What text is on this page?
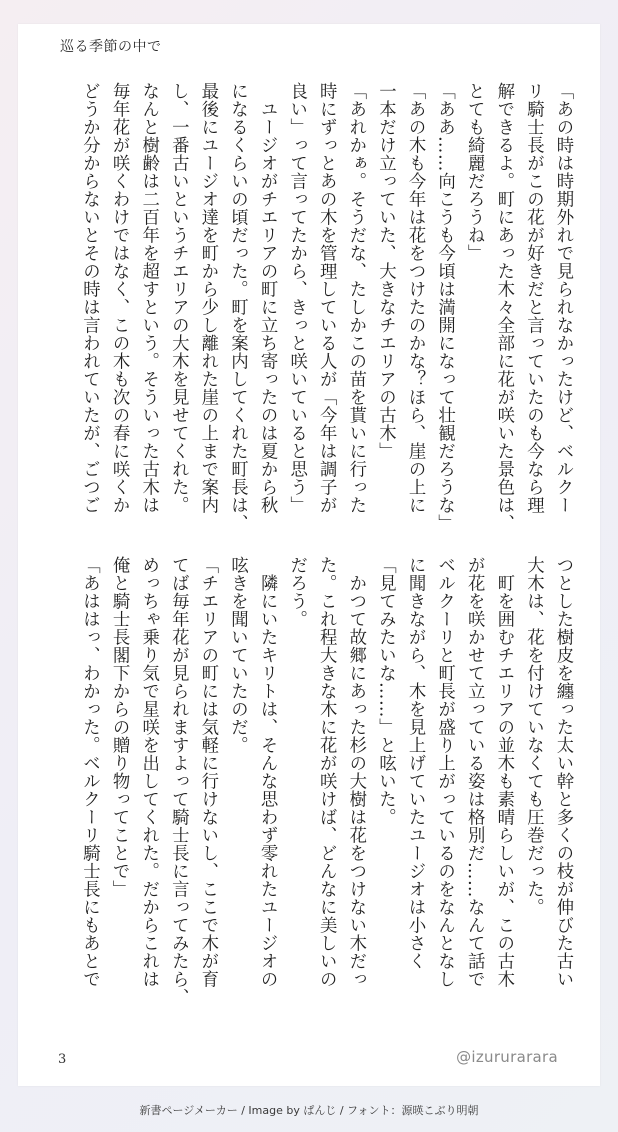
巡る季節の中で
「あの時は時期外れで見られなかったけど、ベルクー
リ騎士長がこの花が好きだと言っていたのも今なら理
解できるよ。町にあった木々全部に花が咲いた景色は、
とても綺麗だろうね」
「ああ……向こうも今頃は満開になって壮観だろうな」
「あの木も今年は花をつけたのかな？ほら、崖の上に
一本だけ立っていた、大きなチエリアの古木」
「あれかぁ。そうだな、たしかこの苗を貰いに行った
時にずっとあの木を管理している人が「今年は調子が
良い」って言ってたから、きっと咲いていると思う」
　ユージオがチエリアの町に立ち寄ったのは夏から秋
になるくらいの頃だった。町を案内してくれた町長は、
最後にユージオ達を町から少し離れた崖の上まで案内
し、一番古いというチエリアの大木を見せてくれた。
なんと樹齢は二百年を超すという。そういった古木は
毎年花が咲くわけではなく、この木も次の春に咲くか
どうか分からないとその時は言われていたが、ごつご
つとした樹皮を纏った太い幹と多くの枝が伸びた古い
大木は、花を付けていなくても圧巻だった。
　町を囲むチエリアの並木も素晴らしいが、この古木
が花を咲かせて立っている姿は格別だ……なんて話で
ベルクーリと町長が盛り上がっているのをなんとなし
に聞きながら、木を見上げていたユージオは小さく
「見てみたいな……」と呟いた。
　かつて故郷にあった杉の大樹は花をつけない木だっ
た。これ程大きな木に花が咲けば、どんなに美しいの
だろう。
　隣にいたキリトは、そんな思わず零れたユージオの
呟きを聞いていたのだ。
「チエリアの町には気軽に行けないし、ここで木が育
てば毎年花が見られますよって騎士長に言ってみたら、
めっちゃ乗り気で星咲を出してくれた。だからこれは
俺と騎士長閣下からの贈り物ってことで」
「あははっ、わかった。ベルクーリ騎士長にもあとで
3	@izururarara
新書ページメーカー / Image by ぱんじ / フォント：源暎こぶり明朝
